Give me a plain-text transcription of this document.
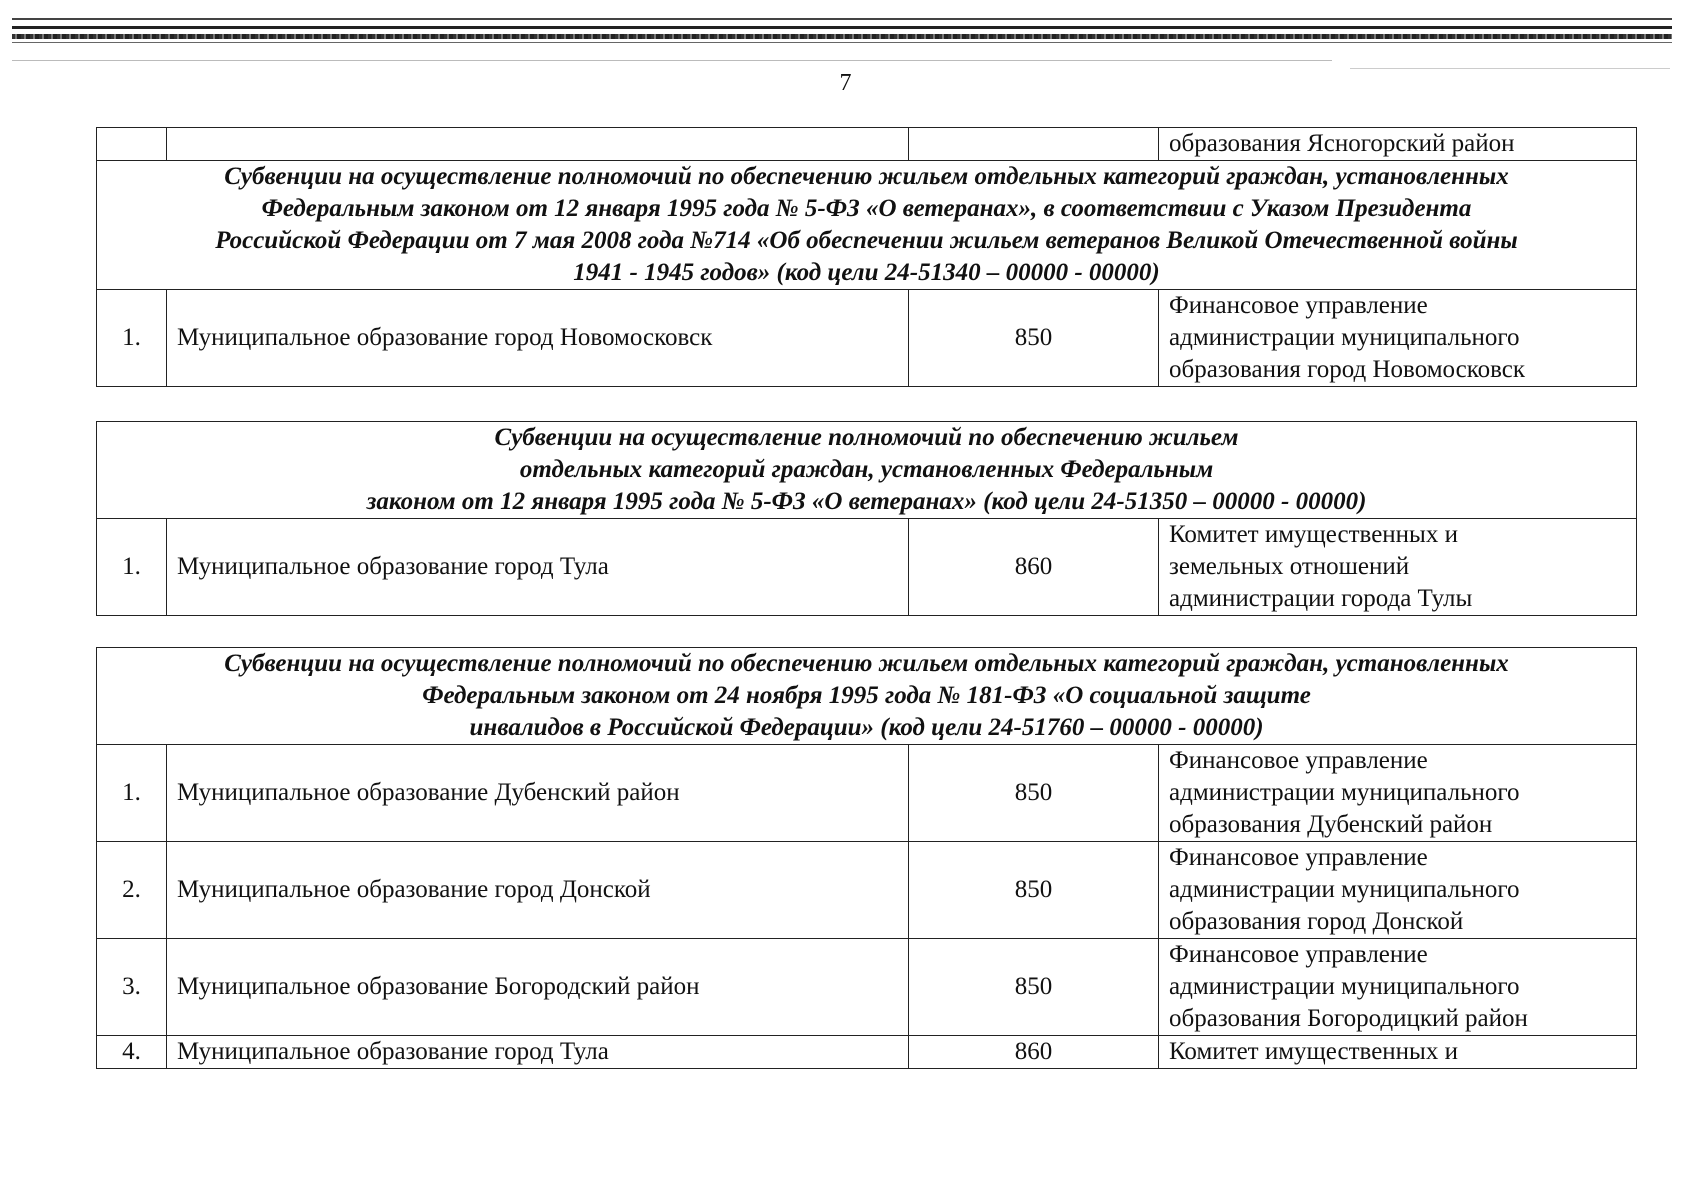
7
			образования Ясногорский район

Субвенции на осуществление полномочий по обеспечению жильем отдельных категорий граждан, установленных
Федеральным законом от 12 января 1995 года № 5-ФЗ «О ветеранах», в соответствии с Указом Президента
Российской Федерации от 7 мая 2008 года №714 «Об обеспечении жильем ветеранов Великой Отечественной войны
1941 - 1945 годов» (код цели 24-51340 – 00000 - 00000)			

1.	Муниципальное образование город Новомосковск	850	Финансовое управление
администрации муниципального
образования город Новомосковск
Субвенции на осуществление полномочий по обеспечению жильем
отдельных категорий граждан, установленных Федеральным
законом от 12 января 1995 года № 5-ФЗ «О ветеранах» (код цели 24-51350 – 00000 - 00000)

1.	Муниципальное образование город Тула	860	
Комитет имущественных и
земельных отношений
администрации города Тулы
Субвенции на осуществление полномочий по обеспечению жильем отдельных категорий граждан, установленных
Федеральным законом от 24 ноября 1995 года № 181-ФЗ «О социальной защите
инвалидов в Российской Федерации» (код цели 24-51760 – 00000 - 00000)			

1.	Муниципальное образование Дубенский район	850	Финансовое управление
администрации муниципального
образования Дубенский район

2.	Муниципальное образование город Донской	850	Финансовое управление
администрации муниципального
образования город Донской

3.	Муниципальное образование Богородский район	850	Финансовое управление
администрации муниципального
образования Богородицкий район

4.	Муниципальное образование город Тула	860	Комитет имущественных и
